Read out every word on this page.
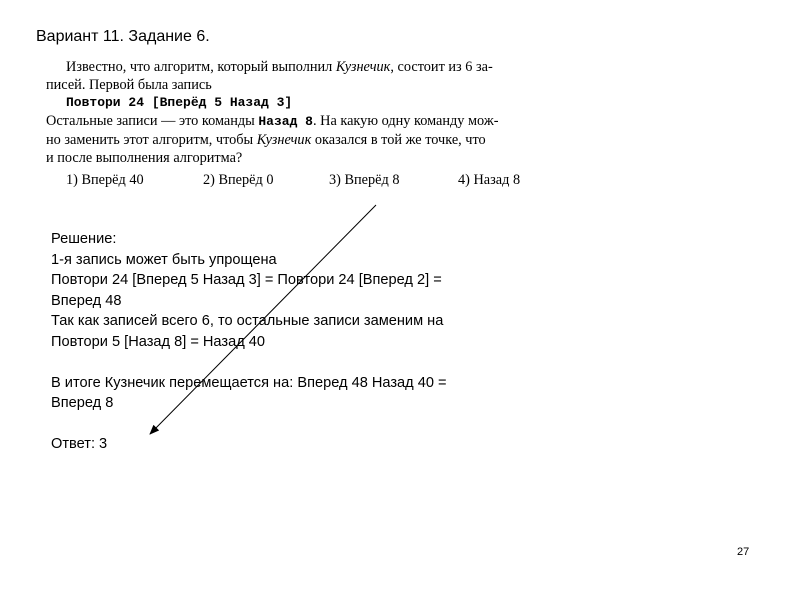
Вариант 11. Задание 6.

Известно, что алгоритм, который выполнил Кузнечик, состоит из 6 за-

писей. Первой была запись

Повтори 24 [Вперёд 5 Назад 3]

Остальные записи — это команды Назад 8. На какую одну команду мож-

но заменить этот алгоритм, чтобы Кузнечик оказался в той же точке, что

и после выполнения алгоритма?

1) Вперёд 40	2) Вперёд 0	3) Вперёд 8	4) Назад 8
Решение:
1-я запись может быть упрощена
Повтори 24 [Вперед 5 Назад 3] = Повтори 24 [Вперед 2] =
Вперед 48
Так как записей всего 6, то остальные записи заменим на
Повтори 5 [Назад 8] = Назад 40
В итоге Кузнечик перемещается на: Вперед 48 Назад 40 =
Вперед 8
Ответ: 3
27
